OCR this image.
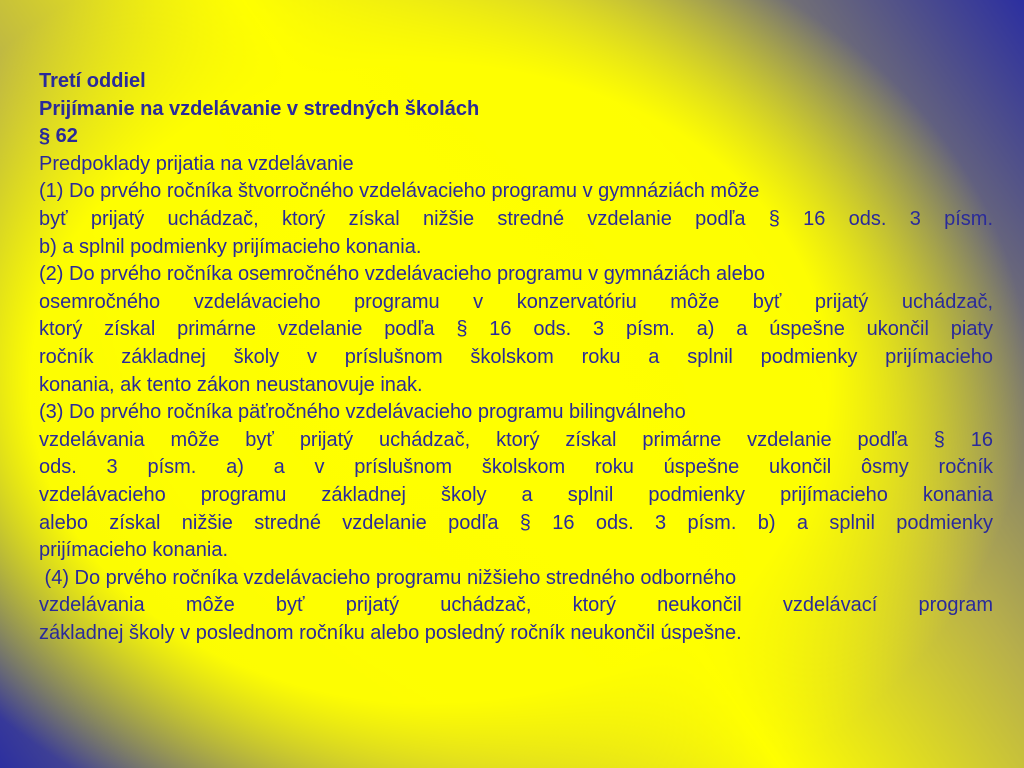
Tretí oddiel
Prijímanie na vzdelávanie v stredných školách
§ 62
Predpoklady prijatia na vzdelávanie
(1) Do prvého ročníka štvorročného vzdelávacieho programu v gymnáziách môže
byť prijatý uchádzač, ktorý získal nižšie stredné vzdelanie podľa § 16 ods. 3 písm.
b) a splnil podmienky prijímacieho konania.
(2) Do prvého ročníka osemročného vzdelávacieho programu v gymnáziách alebo
osemročného vzdelávacieho programu v konzervatóriu môže byť prijatý uchádzač,
ktorý získal primárne vzdelanie podľa § 16 ods. 3 písm. a) a úspešne ukončil piaty
ročník základnej školy v príslušnom školskom roku a splnil podmienky prijímacieho
konania, ak tento zákon neustanovuje inak.
(3) Do prvého ročníka päťročného vzdelávacieho programu bilingválneho
vzdelávania môže byť prijatý uchádzač, ktorý získal primárne vzdelanie podľa § 16
ods. 3 písm. a) a v príslušnom školskom roku úspešne ukončil ôsmy ročník
vzdelávacieho programu základnej školy a splnil podmienky prijímacieho konania
alebo získal nižšie stredné vzdelanie podľa § 16 ods. 3 písm. b) a splnil podmienky
prijímacieho konania.
(4) Do prvého ročníka vzdelávacieho programu nižšieho stredného odborného
vzdelávania môže byť prijatý uchádzač, ktorý neukončil vzdelávací program
základnej školy v poslednom ročníku alebo posledný ročník neukončil úspešne.
